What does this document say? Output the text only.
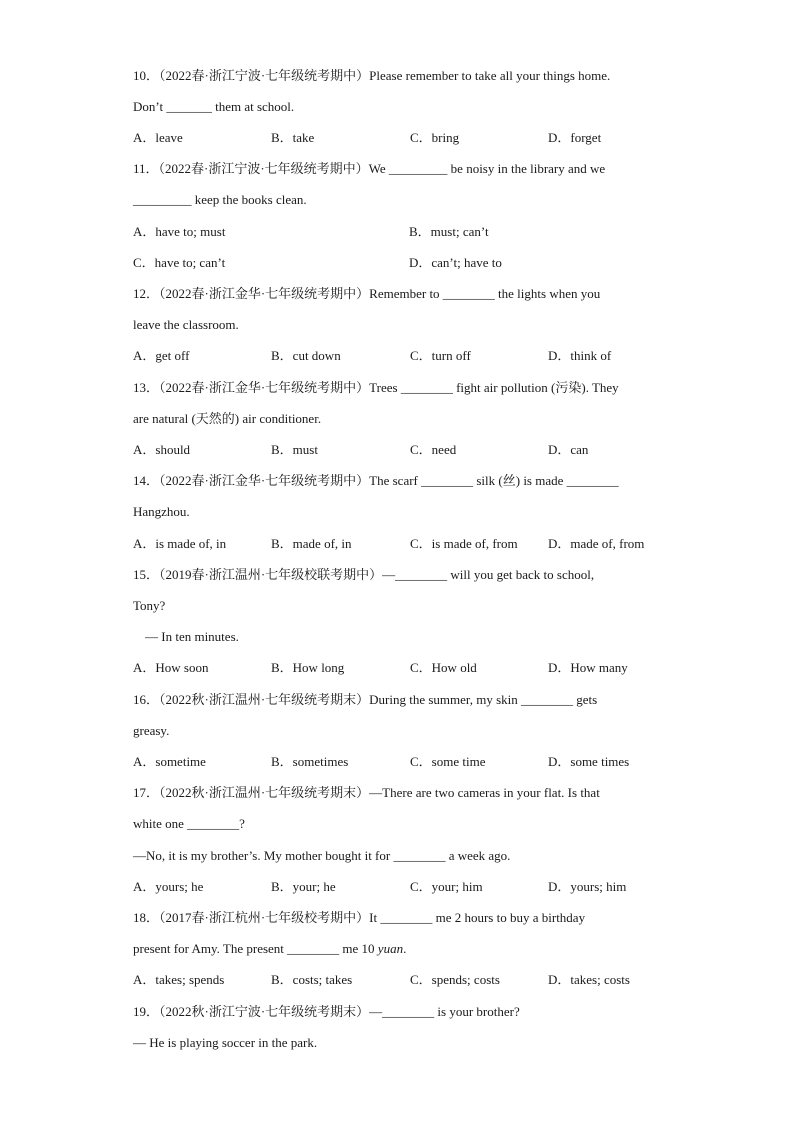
10．（2022春·浙江宁波·七年级统考期中）Please remember to take all your things home.
Don’t _______ them at school.
A．leave	B．take	C．bring	D．forget
11．（2022春·浙江宁波·七年级统考期中）We _________ be noisy in the library and we
_________ keep the books clean.
A．have to; must	B．must; can’t
C．have to; can’t	D．can’t; have to
12．（2022春·浙江金华·七年级统考期中）Remember to ________ the lights when you
leave the classroom.
A．get off	B．cut down	C．turn off	D．think of
13．（2022春·浙江金华·七年级统考期中）Trees ________ fight air pollution (污染). They
are natural (天然的) air conditioner.
A．should	B．must	C．need	D．can
14．（2022春·浙江金华·七年级统考期中）The scarf ________ silk (丝) is made ________
Hangzhou.
A．is made of, in	B．made of, in	C．is made of, from D．made of, from
15．（2019春·浙江温州·七年级校联考期中）—________ will you get back to school,
Tony?
— In ten minutes.
A．How soon	B．How long	C．How old	D．How many
16．（2022秋·浙江温州·七年级统考期末）During the summer, my skin ________ gets
greasy.
A．sometime	B．sometimes	C．some time	D．some times
17．（2022秋·浙江温州·七年级统考期末）—There are two cameras in your flat. Is that
white one ________?
—No, it is my brother’s. My mother bought it for ________ a week ago.
A．yours; he	B．your; he	C．your; him	D．yours; him
18．（2017春·浙江杭州·七年级校考期中）It ________ me 2 hours to buy a birthday
present for Amy. The present ________ me 10 yuan.
A．takes; spends	B．costs; takes	C．spends; costs	D．takes; costs
19．（2022秋·浙江宁波·七年级统考期末）—________ is your brother?
— He is playing soccer in the park.
